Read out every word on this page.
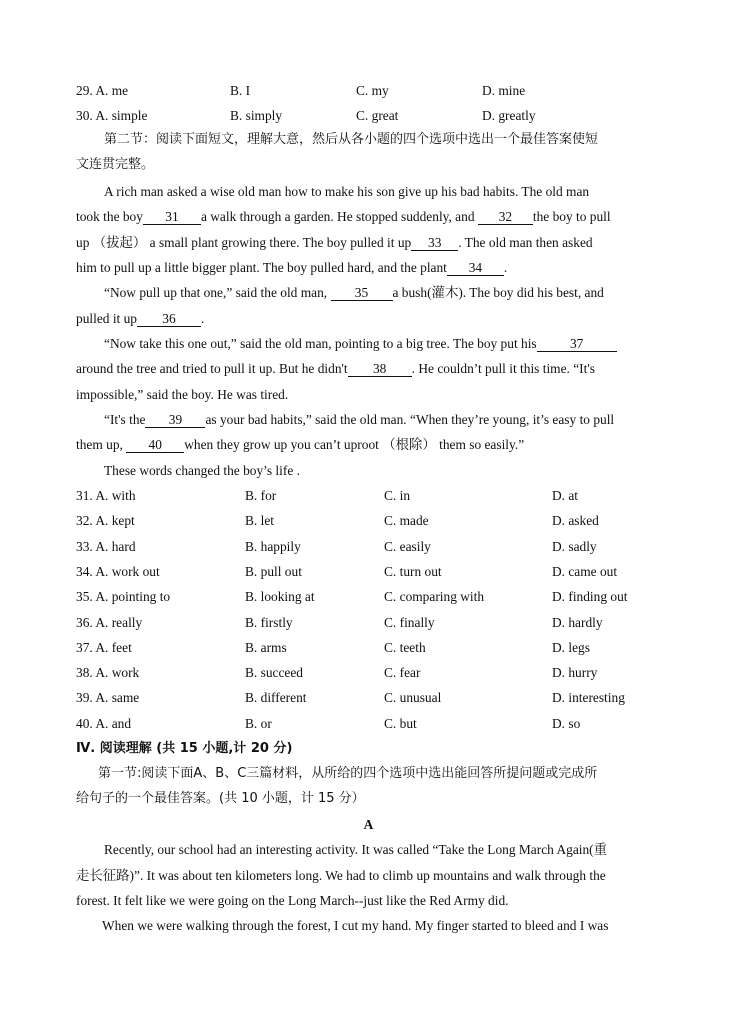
29. A. me	B. I	C. my	D. mine
30. A. simple	B. simply	C. great	D. greatly
第二节：阅读下面短文，理解大意，然后从各小题的四个选项中选出一个最佳答案使短
文连贯完整。
A rich man asked a wise old man how to make his son give up his bad habits. The old man
took the boy 31 a walk through a garden. He stopped suddenly, and 32 the boy to pull
up （拔起） a small plant growing there. The boy pulled it up 33 . The old man then asked
him to pull up a little bigger plant. The boy pulled hard, and the plant 34 .
“Now pull up that one,” said the old man, 35 a bush(灌木). The boy did his best, and
pulled it up 36 .
“Now take this one out,” said the old man, pointing to a big tree. The boy put his 37
around the tree and tried to pull it up. But he didn't 38 . He couldn’t pull it this time. “It's
impossible,” said the boy. He was tired.
“It's the 39 as your bad habits,” said the old man. “When they’re young, it’s easy to pull
them up, 40 when they grow up you can’t uproot （根除） them so easily.”
These words changed the boy’s life .
31. A. with	B. for	C. in	D. at
32. A. kept	B. let	C. made	D. asked
33. A. hard	B. happily	C. easily	D. sadly
34. A. work out	B. pull out	C. turn out	D. came out
35. A. pointing to	B. looking at	C. comparing with	D. finding out
36. A. really	B. firstly	C. finally	D. hardly
37. A. feet	B. arms	C. teeth	D. legs
38. A. work	B. succeed	C. fear	D. hurry
39. A. same	B. different	C. unusual	D. interesting
40. A. and	B. or	C. but	D. so
Ⅳ. 阅读理解 (共 15 小题,计 20 分)
第一节:阅读下面A、B、C三篇材料，从所给的四个选项中选出能回答所提问题或完成所
给句子的一个最佳答案。(共 10 小题，计 15 分）
A
Recently, our school had an interesting activity. It was called “Take the Long March Again(重
走长征路)”. It was about ten kilometers long. We had to climb up mountains and walk through the
forest. It felt like we were going on the Long March--just like the Red Army did.
When we were walking through the forest, I cut my hand. My finger started to bleed and I was
